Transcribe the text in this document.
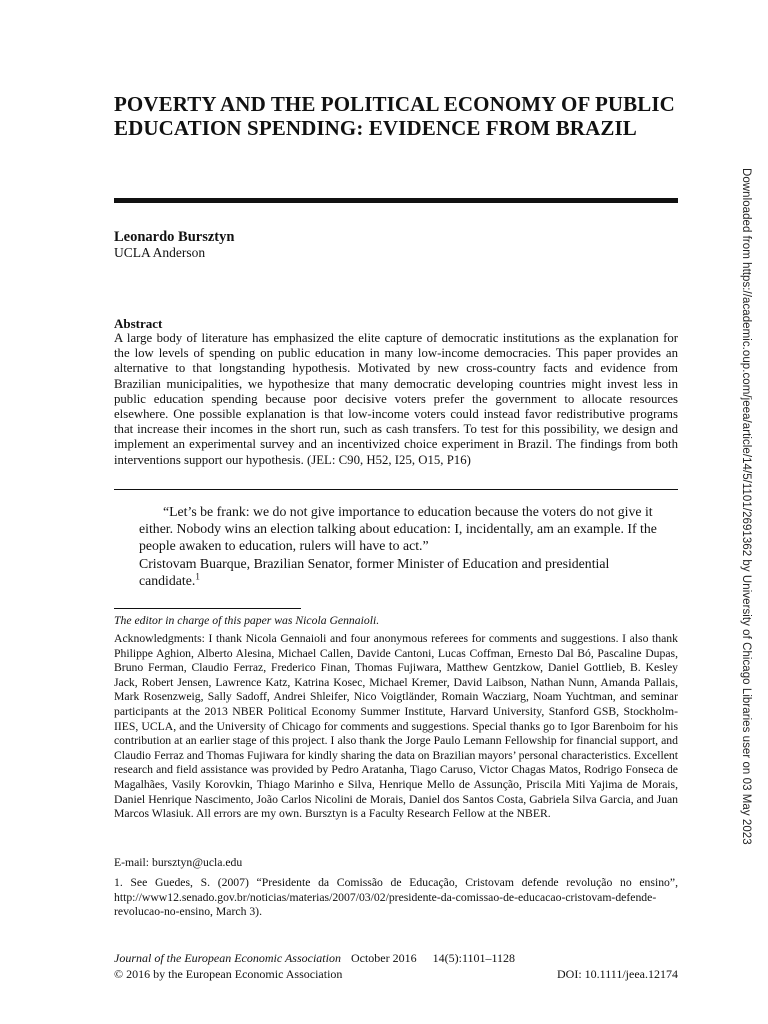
POVERTY AND THE POLITICAL ECONOMY OF PUBLIC EDUCATION SPENDING: EVIDENCE FROM BRAZIL
Leonardo Bursztyn
UCLA Anderson
Abstract

A large body of literature has emphasized the elite capture of democratic institutions as the explanation for the low levels of spending on public education in many low-income democracies. This paper provides an alternative to that longstanding hypothesis. Motivated by new cross-country facts and evidence from Brazilian municipalities, we hypothesize that many democratic developing countries might invest less in public education spending because poor decisive voters prefer the government to allocate resources elsewhere. One possible explanation is that low-income voters could instead favor redistributive programs that increase their incomes in the short run, such as cash transfers. To test for this possibility, we design and implement an experimental survey and an incentivized choice experiment in Brazil. The findings from both interventions support our hypothesis. (JEL: C90, H52, I25, O15, P16)

“Let’s be frank: we do not give importance to education because the voters do not give it either. Nobody wins an election talking about education: I, incidentally, am an example. If the people awaken to education, rulers will have to act.”

Cristovam Buarque, Brazilian Senator, former Minister of Education and presidential candidate.$^1$

The editor in charge of this paper was Nicola Gennaioli.

Acknowledgments: I thank Nicola Gennaioli and four anonymous referees for comments and suggestions. I also thank Philippe Aghion, Alberto Alesina, Michael Callen, Davide Cantoni, Lucas Coffman, Ernesto Dal Bó, Pascaline Dupas, Bruno Ferman, Claudio Ferraz, Frederico Finan, Thomas Fujiwara, Matthew Gentzkow, Daniel Gottlieb, B. Kesley Jack, Robert Jensen, Lawrence Katz, Katrina Kosec, Michael Kremer, David Laibson, Nathan Nunn, Amanda Pallais, Mark Rosenzweig, Sally Sadoff, Andrei Shleifer, Nico Voigtländer, Romain Wacziarg, Noam Yuchtman, and seminar participants at the 2013 NBER Political Economy Summer Institute, Harvard University, Stanford GSB, Stockholm-IIES, UCLA, and the University of Chicago for comments and suggestions. Special thanks go to Igor Barenboim for his contribution at an earlier stage of this project. I also thank the Jorge Paulo Lemann Fellowship for financial support, and Claudio Ferraz and Thomas Fujiwara for kindly sharing the data on Brazilian mayors’ personal characteristics. Excellent research and field assistance was provided by Pedro Aratanha, Tiago Caruso, Victor Chagas Matos, Rodrigo Fonseca de Magalhães, Vasily Korovkin, Thiago Marinho e Silva, Henrique Mello de Assunção, Priscila Miti Yajima de Morais, Daniel Henrique Nascimento, João Carlos Nicolini de Morais, Daniel dos Santos Costa, Gabriela Silva Garcia, and Juan Marcos Wlasiuk. All errors are my own. Bursztyn is a Faculty Research Fellow at the NBER.

E-mail: bursztyn@ucla.edu

1. See Guedes, S. (2007) “Presidente da Comissão de Educação, Cristovam defende revolução no ensino”, http://www12.senado.gov.br/noticias/materias/2007/03/02/presidente-da-comissao-de-educacao-cristovam-defende-revolucao-no-ensino, March 3).

Journal of the European Economic Association October 2016 14(5):1101–1128
© 2016 by the European Economic Association	DOI: 10.1111/jeea.12174
Downloaded from https://academic.oup.com/jeea/article/14/5/1101/2691362 by University of Chicago Libraries user on 03 May 2023
